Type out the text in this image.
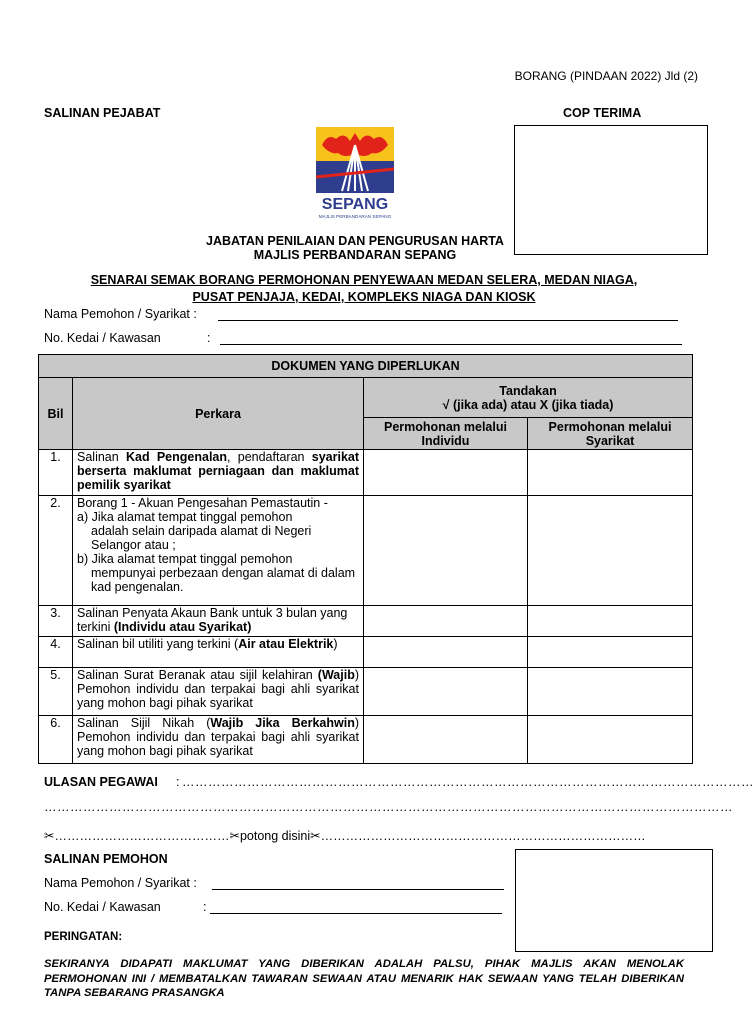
BORANG (PINDAAN 2022) Jld (2)
SALINAN PEJABAT	COP TERIMA
SEPANG
MAJLIS PERBANDARAN SEPANG
JABATAN PENILAIAN DAN PENGURUSAN HARTA
MAJLIS PERBANDARAN SEPANG
SENARAI SEMAK BORANG PERMOHONAN PENYEWAAN MEDAN SELERA, MEDAN NIAGA,
PUSAT PENJAJA, KEDAI, KOMPLEKS NIAGA DAN KIOSK
Nama Pemohon / Syarikat :
No. Kedai / Kawasan	:
DOKUMEN YANG DIPERLUKAN			
Bil	Perkara	Tandakan
√ (jika ada) atau X (jika tiada)	

		Permohonan melalui Individu	Permohonan melalui Syarikat
1.	Salinan Kad Pengenalan, pendaftaran syarikat berserta maklumat perniagaan dan maklumat pemilik syarikat		
2.	Borang 1 - Akuan Pengesahan Pemastautin -
a) Jika alamat tempat tinggal pemohon
adalah selain daripada alamat di Negeri Selangor atau ;
b) Jika alamat tempat tinggal pemohon
mempunyai perbezaan dengan alamat di dalam kad pengenalan.		

3.	Salinan Penyata Akaun Bank untuk 3 bulan yang terkini (Individu atau Syarikat)		
4.	Salinan bil utiliti yang terkini (Air atau Elektrik)		
5.	Salinan Surat Beranak atau sijil kelahiran (Wajib) Pemohon individu dan terpakai bagi ahli syarikat yang mohon bagi pihak syarikat		
6.	Salinan Sijil Nikah (Wajib Jika Berkahwin) Pemohon individu dan terpakai bagi ahli syarikat yang mohon bagi pihak syarikat		
ULASAN PEGAWAI : ……………………………………………………………………………………………………………………
……………………………………………………………………………………………………………………………………………
✂……………………………………✂potong disini✂……………………………………………………………………
SALINAN PEMOHON
Nama Pemohon / Syarikat :
No. Kedai / Kawasan	:
PERINGATAN:
SEKIRANYA DIDAPATI MAKLUMAT YANG DIBERIKAN ADALAH PALSU, PIHAK MAJLIS AKAN MENOLAK PERMOHONAN INI / MEMBATALKAN TAWARAN SEWAAN ATAU MENARIK HAK SEWAAN YANG TELAH DIBERIKAN TANPA SEBARANG PRASANGKA
